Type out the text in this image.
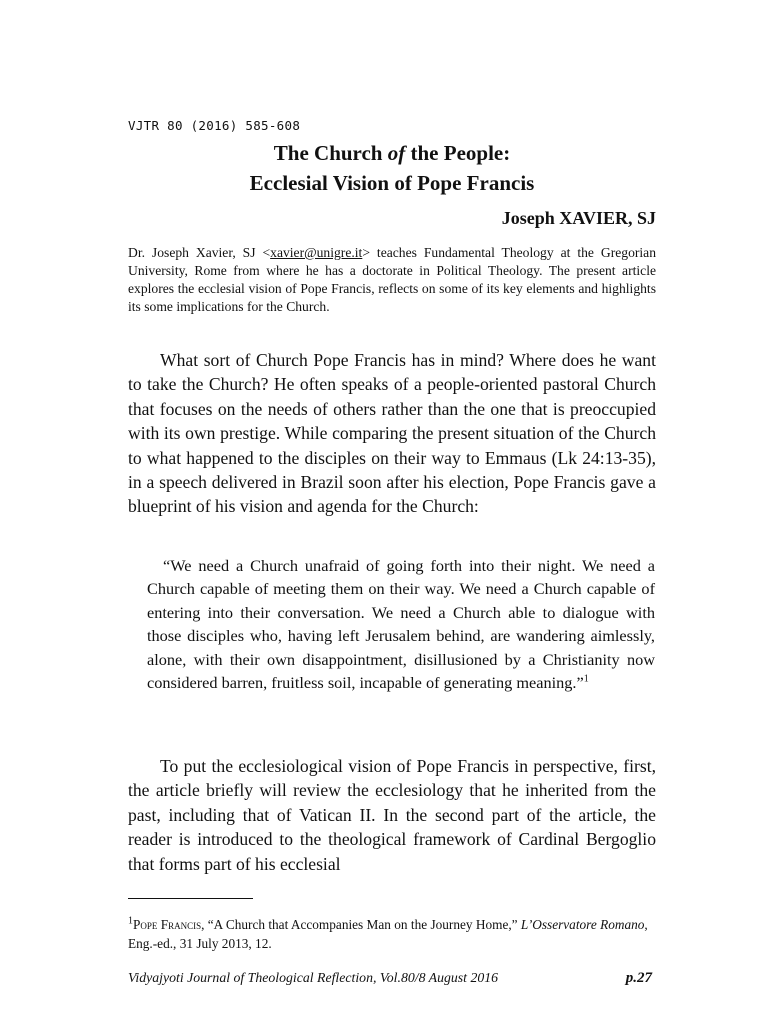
VJTR 80 (2016) 585-608
The Church of the People:
Ecclesial Vision of Pope Francis
Joseph XAVIER, SJ
Dr. Joseph Xavier, SJ <xavier@unigre.it> teaches Fundamental Theology at the Gregorian University, Rome from where he has a doctorate in Political Theology. The present article explores the ecclesial vision of Pope Francis, reflects on some of its key elements and highlights its some implications for the Church.
What sort of Church Pope Francis has in mind? Where does he want to take the Church? He often speaks of a people-oriented pastoral Church that focuses on the needs of others rather than the one that is preoccupied with its own prestige. While comparing the present situation of the Church to what happened to the disciples on their way to Emmaus (Lk 24:13-35), in a speech delivered in Brazil soon after his election, Pope Francis gave a blueprint of his vision and agenda for the Church:
“We need a Church unafraid of going forth into their night. We need a Church capable of meeting them on their way. We need a Church capable of entering into their conversation. We need a Church able to dialogue with those disciples who, having left Jerusalem behind, are wandering aimlessly, alone, with their own disappointment, disillusioned by a Christianity now considered barren, fruitless soil, incapable of generating meaning.”$^1$
To put the ecclesiological vision of Pope Francis in perspective, first, the article briefly will review the ecclesiology that he inherited from the past, including that of Vatican II. In the second part of the article, the reader is introduced to the theological framework of Cardinal Bergoglio that forms part of his ecclesial
$^1$Pope Francis, “A Church that Accompanies Man on the Journey Home,” L’Osservatore Romano, Eng.-ed., 31 July 2013, 12.
Vidyajyoti Journal of Theological Reflection, Vol.80/8 August 2016	p.27
